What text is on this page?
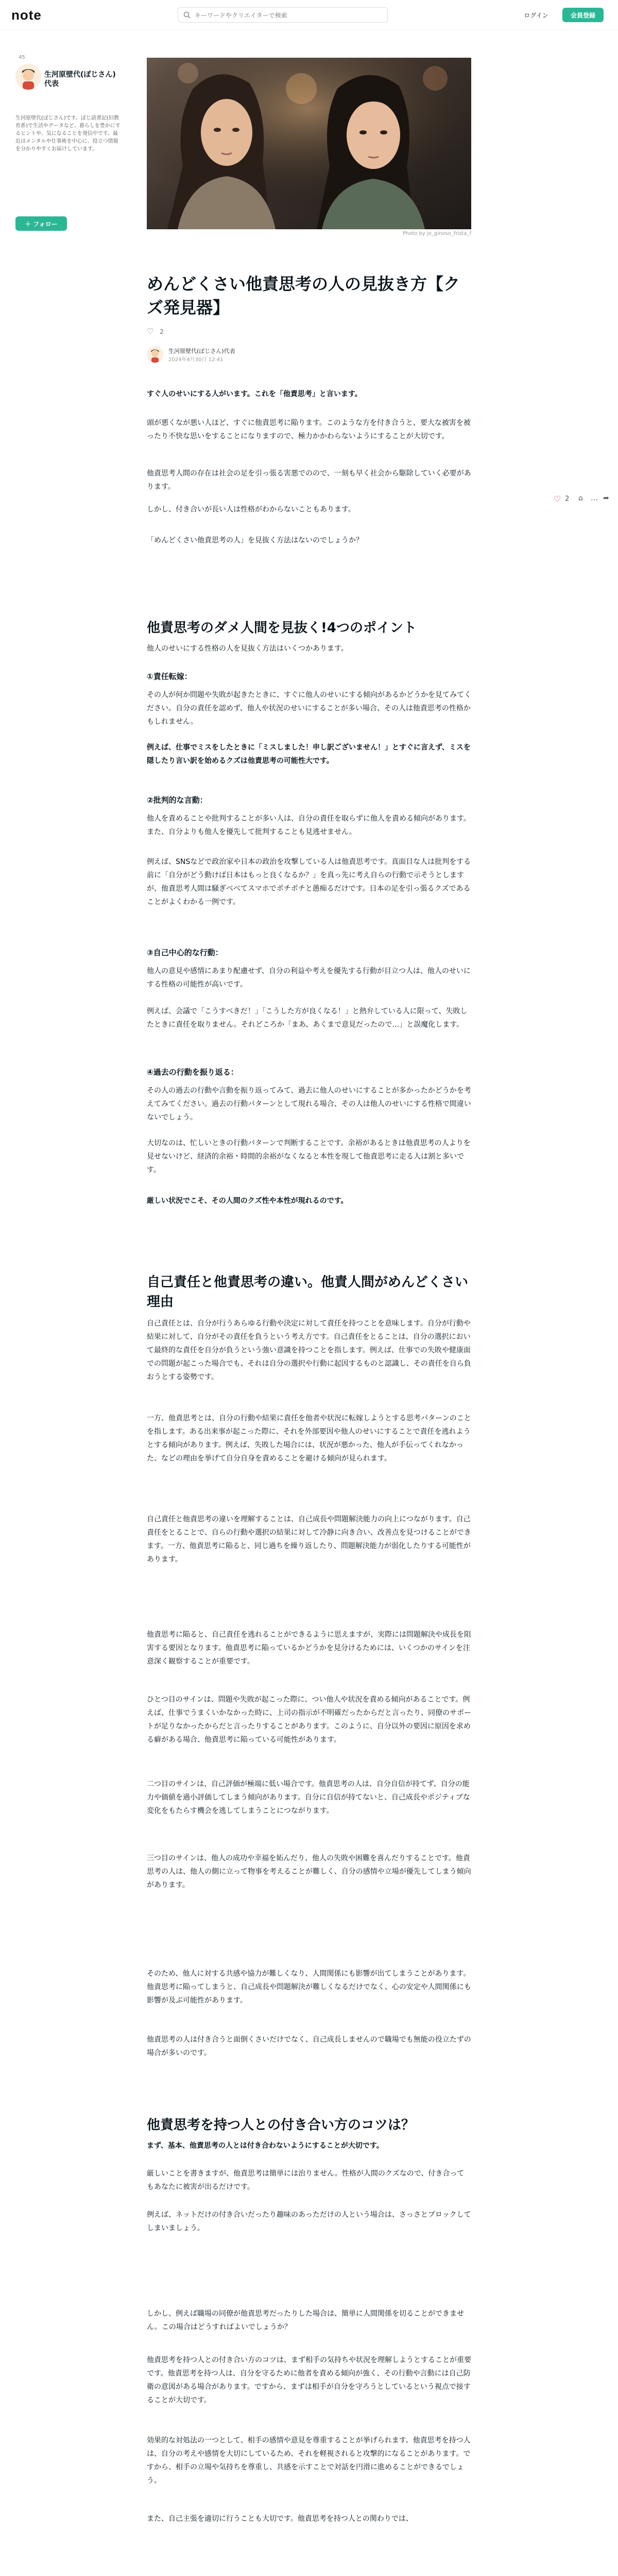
note
キーワードやクリエイターで検索	ログイン	会員登録
45
生河原壁代(ぽじさん)代表
生河原壁代(ぽじさん)です。ぽじ読書記(旧教育系)で生活やデータなど、暮らしを豊かにするヒントや、気になることを発信中です。最近はメンタルや仕事術を中心に、役立つ情報を分かりやすくお届けしています。
＋ フォロー
♡ 2 ⌂ … ➦
Photo by jo_ginoso_frista_f
めんどくさい他責思考の人の見抜き方【クズ発見器】
♡ 2
生河原壁代(ぽじさん)代表
2024年4月30日 12:41

すぐ人のせいにする人がいます。これを「他責思考」と言います。

頭が悪くなが悪い人ほど、すぐに他責思考に陥ります。このような方を付き合うと、要大な被害を被ったり不快な思いをすることになりますので、極力かかわらないようにすることが大切です。

他責思考人間の存在は社会の足を引っ張る害悪でのので、一刻も早く社会から駆除していく必要があります。

しかし、付き合いが長い人は性格がわからないこともあります。

「めんどくさい他責思考の人」を見抜く方法はないのでしょうか？

他責思考のダメ人間を見抜く!4つのポイント

他人のせいにする性格の人を見抜く方法はいくつかあります。

①責任転嫁：

その人が何か問題や失敗が起きたときに、すぐに他人のせいにする傾向があるかどうかを見てみてください。自分の責任を認めず、他人や状況のせいにすることが多い場合、その人は他責思考の性格かもしれません。

例えば、仕事でミスをしたときに「ミスしました！申し訳ございません！」とすぐに言えず、ミスを隠したり言い訳を始めるクズは他責思考の可能性大です。

②批判的な言動：

他人を責めることや批判することが多い人は、自分の責任を取らずに他人を責める傾向があります。また、自分よりも他人を優先して批判することも見逃せません。

例えば、SNSなどで政治家や日本の政治を攻撃している人は他責思考です。真面目な人は批判をする前に「自分がどう動けば日本はもっと良くなるか？」を真っ先に考え自らの行動で示そうとしますが、他責思考人間は騒ぎべべてスマホでポチポチと愚痴るだけです。日本の足を引っ張るクズであることがよくわかる一例です。

③自己中心的な行動：

他人の意見や感情にあまり配慮せず、自分の利益や考えを優先する行動が目立つ人は、他人のせいにする性格の可能性が高いです。

例えば、会議で「こうすべきだ！」「こうした方が良くなる！」と熱弁している人に限って、失敗したときに責任を取りません。それどころか「まあ、あくまで意見だったので…」と誤魔化します。

④過去の行動を振り返る：

その人の過去の行動や言動を振り返ってみて、過去に他人のせいにすることが多かったかどうかを考えてみてください。過去の行動パターンとして現れる場合、その人は他人のせいにする性格で間違いないでしょう。

大切なのは、忙しいときの行動パターンで判断することです。余裕があるときは他責思考の人よりを見せないけど、経済的余裕・時間的余裕がなくなると本性を現して他責思考に走る人は割と多いです。

厳しい状況でこそ、その人間のクズ性や本性が現れるのです。

自己責任と他責思考の違い。他責人間がめんどくさい理由

自己責任とは、自分が行うあらゆる行動や決定に対して責任を持つことを意味します。自分が行動や結果に対して、自分がその責任を負うという考え方です。自己責任をとることは、自分の選択において最終的な責任を自分が負うという強い意識を持つことを指します。例えば、仕事での失敗や健康面での問題が起こった場合でも、それは自分の選択や行動に起因するものと認識し、その責任を自ら負おうとする姿勢です。

一方、他責思考とは、自分の行動や結果に責任を他者や状況に転嫁しようとする思考パターンのことを指します。ある出来事が起こった際に、それを外部要因や他人のせいにすることで責任を逃れようとする傾向があります。例えば、失敗した場合には、状況が悪かった、他人が手伝ってくれなかった、などの理由を挙げて自分自身を責めることを避ける傾向が見られます。

自己責任と他責思考の違いを理解することは、自己成長や問題解決能力の向上につながります。自己責任をとることで、自らの行動や選択の結果に対して冷静に向き合い、改善点を見つけることができます。一方、他責思考に陥ると、同じ過ちを繰り返したり、問題解決能力が弱化したりする可能性があります。

他責思考に陥ると、自己責任を逃れることができるように思えますが、実際には問題解決や成長を阻害する要因となります。他責思考に陥っているかどうかを見分けるためには、いくつかのサインを注意深く観察することが重要です。

ひとつ目のサインは、問題や失敗が起こった際に、つい他人や状況を責める傾向があることです。例えば、仕事でうまくいかなかった時に、上司の指示が不明確だったからだと言ったり、同僚のサポートが足りなかったからだと言ったりすることがあります。このように、自分以外の要因に原因を求める癖がある場合、他責思考に陥っている可能性があります。

二つ目のサインは、自己評価が極端に低い場合です。他責思考の人は、自分自信が持てず、自分の能力や価値を過小評価してしまう傾向があります。自分に自信が持てないと、自己成長やポジティブな変化をもたらす機会を逃してしまうことにつながります。

三つ目のサインは、他人の成功や幸福を妬んだり、他人の失敗や困難を喜んだりすることです。他責思考の人は、他人の側に立って物事を考えることが難しく、自分の感情や立場が優先してしまう傾向があります。

そのため、他人に対する共感や協力が難しくなり、人間関係にも影響が出てしまうことがあります。他責思考に陥ってしまうと、自己成長や問題解決が難しくなるだけでなく、心の安定や人間関係にも影響が及ぶ可能性があります。

他責思考の人は付き合うと面倒くさいだけでなく、自己成長しませんので職場でも無能の役立たずの場合が多いのです。

他責思考を持つ人との付き合い方のコツは？

まず、基本、他責思考の人とは付き合わないようにすることが大切です。

厳しいことを書きますが、他責思考は簡単には治りません。性格が人間のクズなので、付き合ってもあなたに被害が出るだけです。

例えば、ネットだけの付き合いだったり趣味のあっただけの人という場合は、さっさとブロックしてしまいましょう。

しかし、例えば職場の同僚が他責思考だったりした場合は、簡単に人間関係を切ることができません。この場合はどうすればよいでしょうか？

他責思考を持つ人との付き合い方のコツは、まず相手の気持ちや状況を理解しようとすることが重要です。他責思考を持つ人は、自分を守るために他者を責める傾向が強く、その行動や言動には自己防衛の意図がある場合があります。ですから、まずは相手が自分を守ろうとしているという視点で接することが大切です。

効果的な対処法の一つとして、相手の感情や意見を尊重することが挙げられます。他責思考を持つ人は、自分の考えや感情を大切にしているため、それを軽視されると攻撃的になることがあります。ですから、相手の立場や気持ちを尊重し、共感を示すことで対話を円滑に進めることができるでしょう。

また、自己主張を適切に行うことも大切です。他責思考を持つ人との関わりでは、
